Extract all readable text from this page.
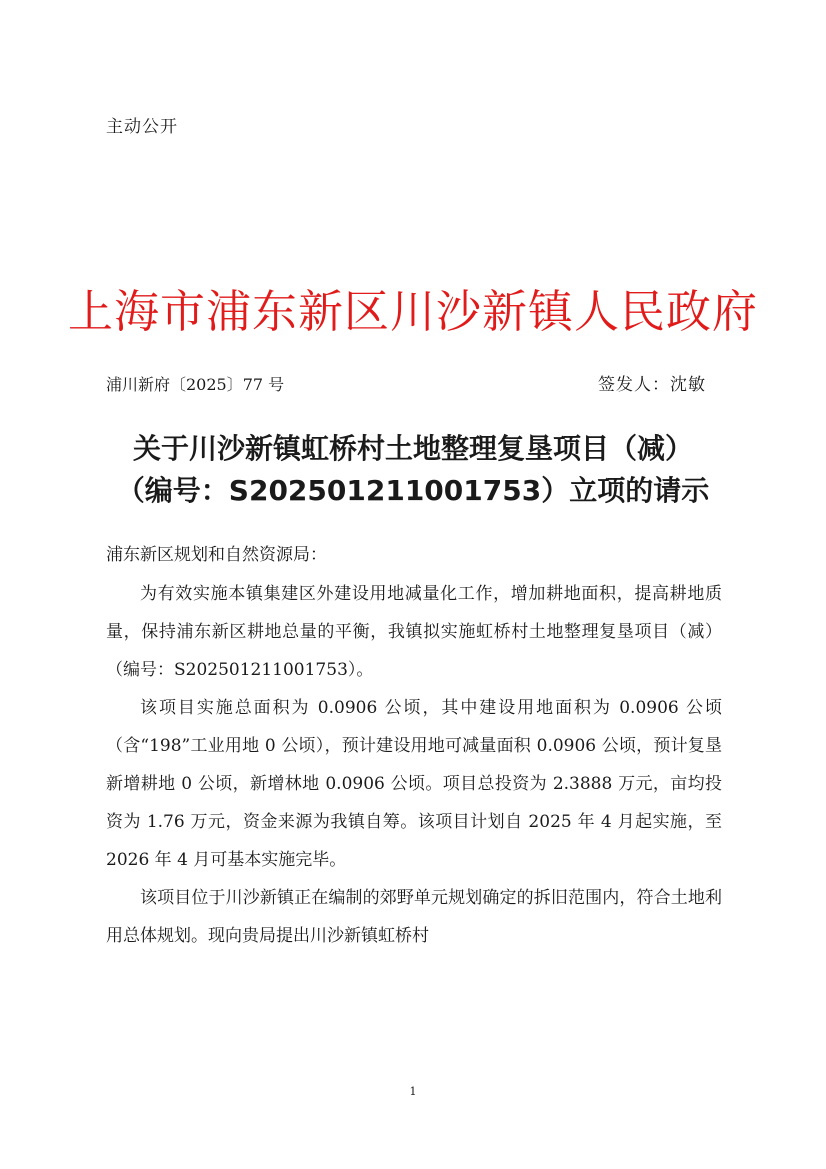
主动公开
上海市浦东新区川沙新镇人民政府
浦川新府〔2025〕77 号	签发人：沈敏
关于川沙新镇虹桥村土地整理复垦项目（减）
（编号：S202501211001753）立项的请示
浦东新区规划和自然资源局：

为有效实施本镇集建区外建设用地减量化工作，增加耕地面积，提高耕地质量，保持浦东新区耕地总量的平衡，我镇拟实施虹桥村土地整理复垦项目（减）（编号：S202501211001753）。

该项目实施总面积为 0.0906 公顷，其中建设用地面积为 0.0906 公顷（含“198”工业用地 0 公顷），预计建设用地可减量面积 0.0906 公顷，预计复垦新增耕地 0 公顷，新增林地 0.0906 公顷。项目总投资为 2.3888 万元，亩均投资为 1.76 万元，资金来源为我镇自筹。该项目计划自 2025 年 4 月起实施，至 2026 年 4 月可基本实施完毕。

该项目位于川沙新镇正在编制的郊野单元规划确定的拆旧范围内，符合土地利用总体规划。现向贵局提出川沙新镇虹桥村

1
